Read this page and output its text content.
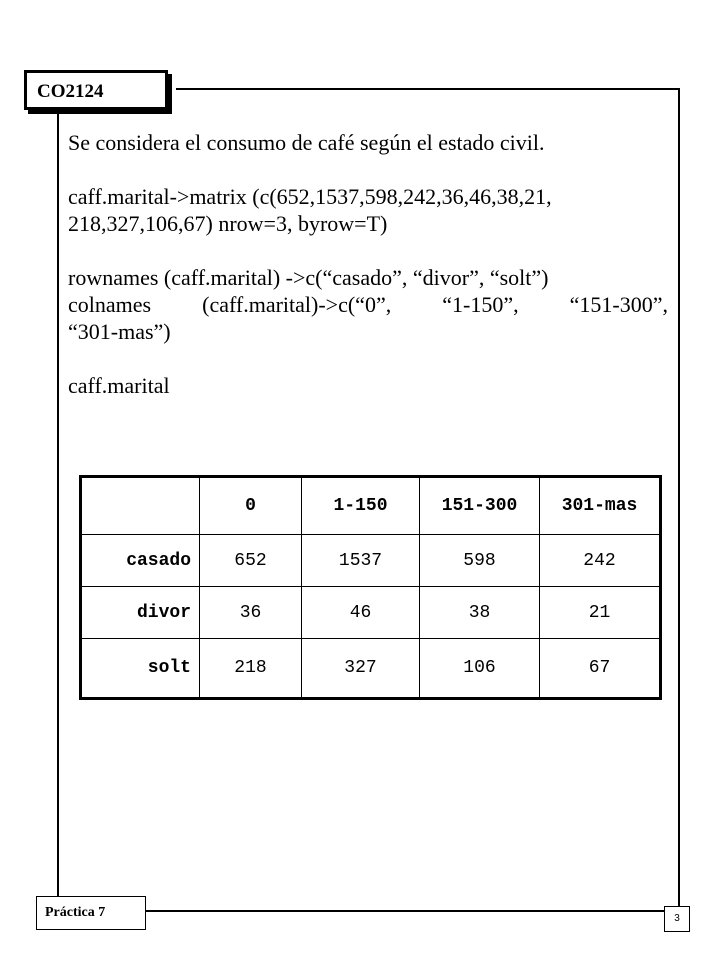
CO2124

Se considera el consumo de café según el estado civil.

caff.marital->matrix (c(652,1537,598,242,36,46,38,21,

218,327,106,67) nrow=3, byrow=T)

rownames (caff.marital) ->c(“casado”, “divor”, “solt”)

colnames (caff.marital)->c(“0”, “1-150”, “151-300”,

“301-mas”)

caff.marital

	0	1-150	151-300	301-mas
casado	652	1537	598	242
divor	36	46	38	21
solt	218	327	106	67
Práctica 7	3
